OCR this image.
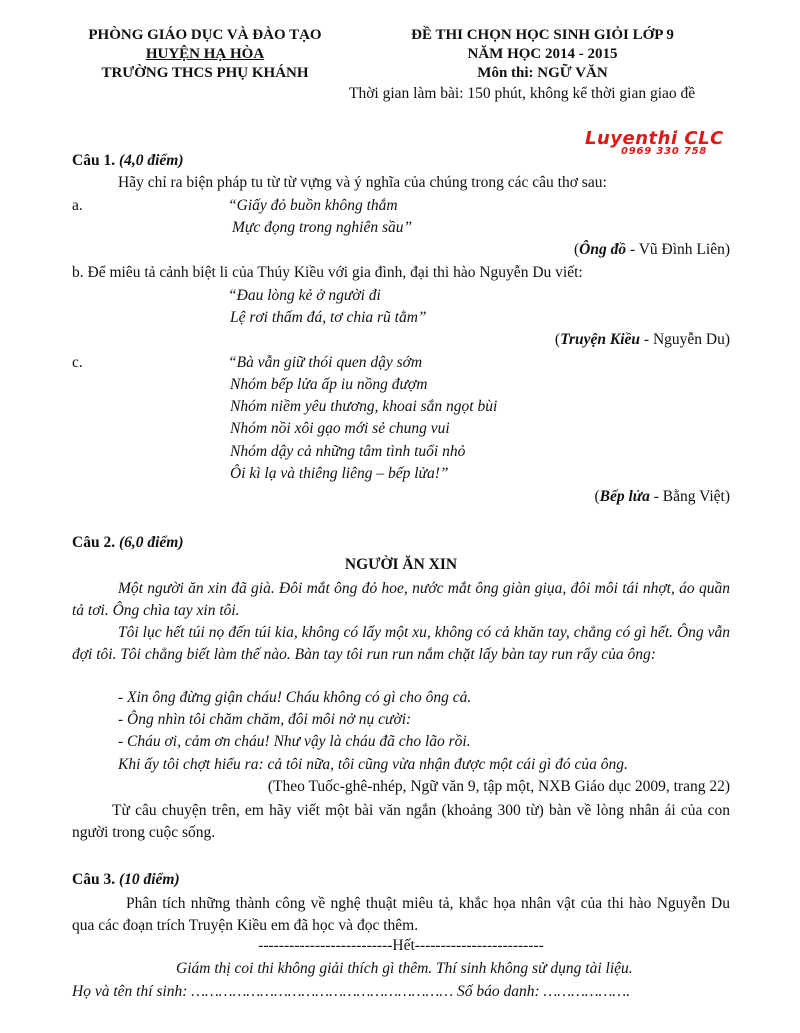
PHÒNG GIÁO DỤC VÀ ĐÀO TẠO
HUYỆN HẠ HÒA
TRƯỜNG THCS PHỤ KHÁNH
ĐỀ THI CHỌN HỌC SINH GIỎI LỚP 9
NĂM HỌC 2014 - 2015
Môn thi: NGỮ VĂN
Thời gian làm bài: 150 phút, không kể thời gian giao đề
Luyenthi CLC
0969 330 758
Câu 1. (4,0 điểm)
Hãy chỉ ra biện pháp tu từ từ vựng và ý nghĩa của chúng trong các câu thơ sau:
a.	“Giấy đỏ buồn không thắm
Mực đọng trong nghiên sầu”
(Ông đồ - Vũ Đình Liên)
b. Để miêu tả cảnh biệt li của Thúy Kiều với gia đình, đại thi hào Nguyễn Du viết:
“Đau lòng kẻ ở người đi
Lệ rơi thấm đá, tơ chia rũ tằm”
(Truyện Kiều - Nguyễn Du)
c.	“Bà vẫn giữ thói quen dậy sớm
Nhóm bếp lửa ấp iu nồng đượm
Nhóm niềm yêu thương, khoai sắn ngọt bùi
Nhóm nồi xôi gạo mới sẻ chung vui
Nhóm dậy cả những tâm tình tuổi nhỏ
Ôi kì lạ và thiêng liêng – bếp lửa!”
(Bếp lửa - Bằng Việt)
Câu 2. (6,0 điểm)
NGƯỜI ĂN XIN
Một người ăn xin đã già. Đôi mắt ông đỏ hoe, nước mắt ông giàn giụa, đôi môi tái nhợt, áo quần tả tơi. Ông chìa tay xin tôi.
Tôi lục hết túi nọ đến túi kia, không có lấy một xu, không có cả khăn tay, chẳng có gì hết. Ông vẫn đợi tôi. Tôi chẳng biết làm thế nào. Bàn tay tôi run run nắm chặt lấy bàn tay run rẩy của ông:
- Xin ông đừng giận cháu! Cháu không có gì cho ông cả.
- Ông nhìn tôi chăm chăm, đôi môi nở nụ cười:
- Cháu ơi, cảm ơn cháu! Như vậy là cháu đã cho lão rồi.
Khi ấy tôi chợt hiểu ra: cả tôi nữa, tôi cũng vừa nhận được một cái gì đó của ông.
(Theo Tuốc-ghê-nhép, Ngữ văn 9, tập một, NXB Giáo dục 2009, trang 22)
Từ câu chuyện trên, em hãy viết một bài văn ngắn (khoảng 300 từ) bàn về lòng nhân ái của con người trong cuộc sống.
Câu 3. (10 điểm)
Phân tích những thành công về nghệ thuật miêu tả, khắc họa nhân vật của thi hào Nguyễn Du qua các đoạn trích Truyện Kiều em đã học và đọc thêm.
--------------------------Hết-------------------------
Giám thị coi thi không giải thích gì thêm. Thí sinh không sử dụng tài liệu.
Họ và tên thí sinh: ………………………………………………… Số báo danh: ……………….
